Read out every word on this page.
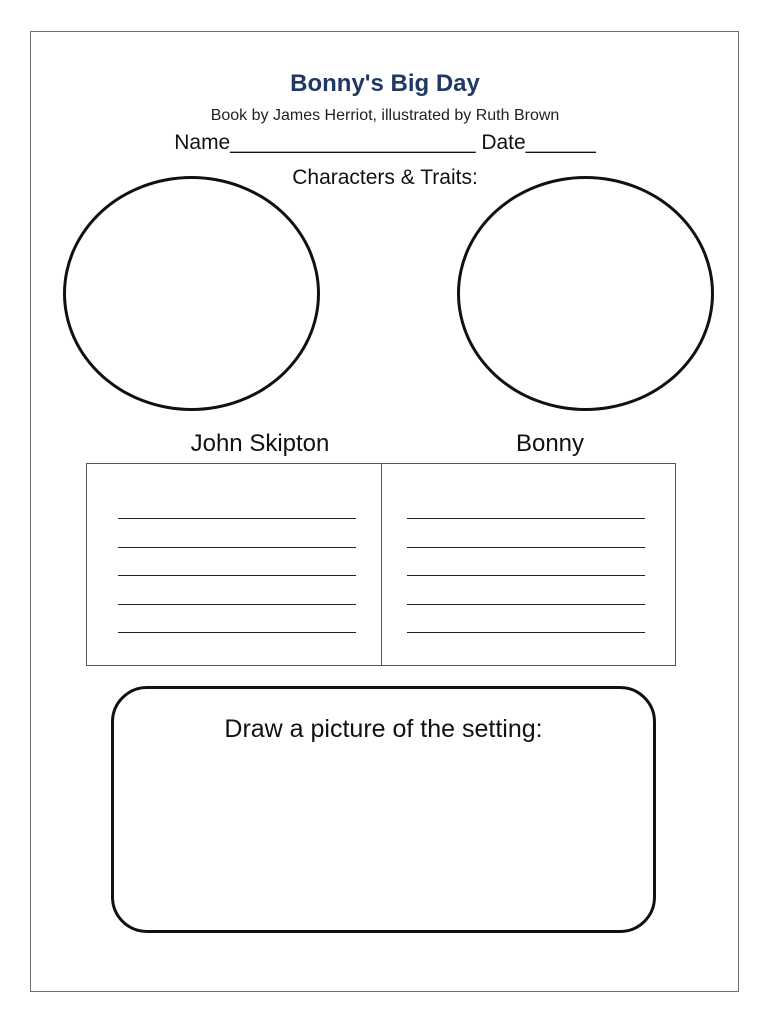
Bonny's Big Day
Book by James Herriot, illustrated by Ruth Brown
Name_____________________ Date______
Characters & Traits:
John Skipton	Bonny
Draw a picture of the setting:
